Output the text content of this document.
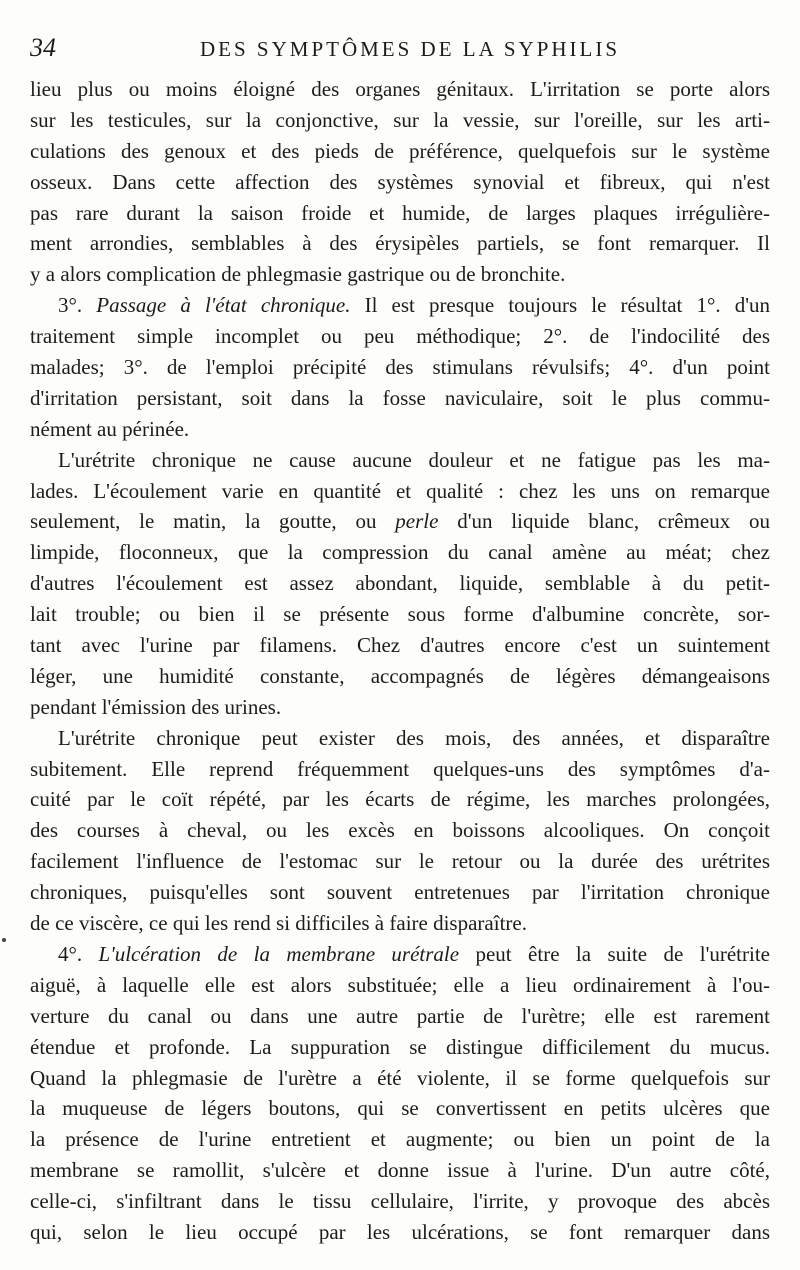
34	DES SYMPTÔMES DE LA SYPHILIS
lieu plus ou moins éloigné des organes génitaux. L'irritation se porte alors
sur les testicules, sur la conjonctive, sur la vessie, sur l'oreille, sur les arti-
culations des genoux et des pieds de préférence, quelquefois sur le système
osseux. Dans cette affection des systèmes synovial et fibreux, qui n'est
pas rare durant la saison froide et humide, de larges plaques irrégulière-
ment arrondies, semblables à des érysipèles partiels, se font remarquer. Il
y a alors complication de phlegmasie gastrique ou de bronchite.
3°. Passage à l'état chronique. Il est presque toujours le résultat 1°. d'un
traitement simple incomplet ou peu méthodique; 2°. de l'indocilité des
malades; 3°. de l'emploi précipité des stimulans révulsifs; 4°. d'un point
d'irritation persistant, soit dans la fosse naviculaire, soit le plus commu-
nément au périnée.
L'urétrite chronique ne cause aucune douleur et ne fatigue pas les ma-
lades. L'écoulement varie en quantité et qualité : chez les uns on remarque
seulement, le matin, la goutte, ou perle d'un liquide blanc, crêmeux ou
limpide, floconneux, que la compression du canal amène au méat; chez
d'autres l'écoulement est assez abondant, liquide, semblable à du petit-
lait trouble; ou bien il se présente sous forme d'albumine concrète, sor-
tant avec l'urine par filamens. Chez d'autres encore c'est un suintement
léger, une humidité constante, accompagnés de légères démangeaisons
pendant l'émission des urines.
L'urétrite chronique peut exister des mois, des années, et disparaître
subitement. Elle reprend fréquemment quelques-uns des symptômes d'a-
cuité par le coït répété, par les écarts de régime, les marches prolongées,
des courses à cheval, ou les excès en boissons alcooliques. On conçoit
facilement l'influence de l'estomac sur le retour ou la durée des urétrites
chroniques, puisqu'elles sont souvent entretenues par l'irritation chronique
de ce viscère, ce qui les rend si difficiles à faire disparaître.
4°. L'ulcération de la membrane urétrale peut être la suite de l'urétrite
aiguë, à laquelle elle est alors substituée; elle a lieu ordinairement à l'ou-
verture du canal ou dans une autre partie de l'urètre; elle est rarement
étendue et profonde. La suppuration se distingue difficilement du mucus.
Quand la phlegmasie de l'urètre a été violente, il se forme quelquefois sur
la muqueuse de légers boutons, qui se convertissent en petits ulcères que
la présence de l'urine entretient et augmente; ou bien un point de la
membrane se ramollit, s'ulcère et donne issue à l'urine. D'un autre côté,
celle-ci, s'infiltrant dans le tissu cellulaire, l'irrite, y provoque des abcès
qui, selon le lieu occupé par les ulcérations, se font remarquer dans
